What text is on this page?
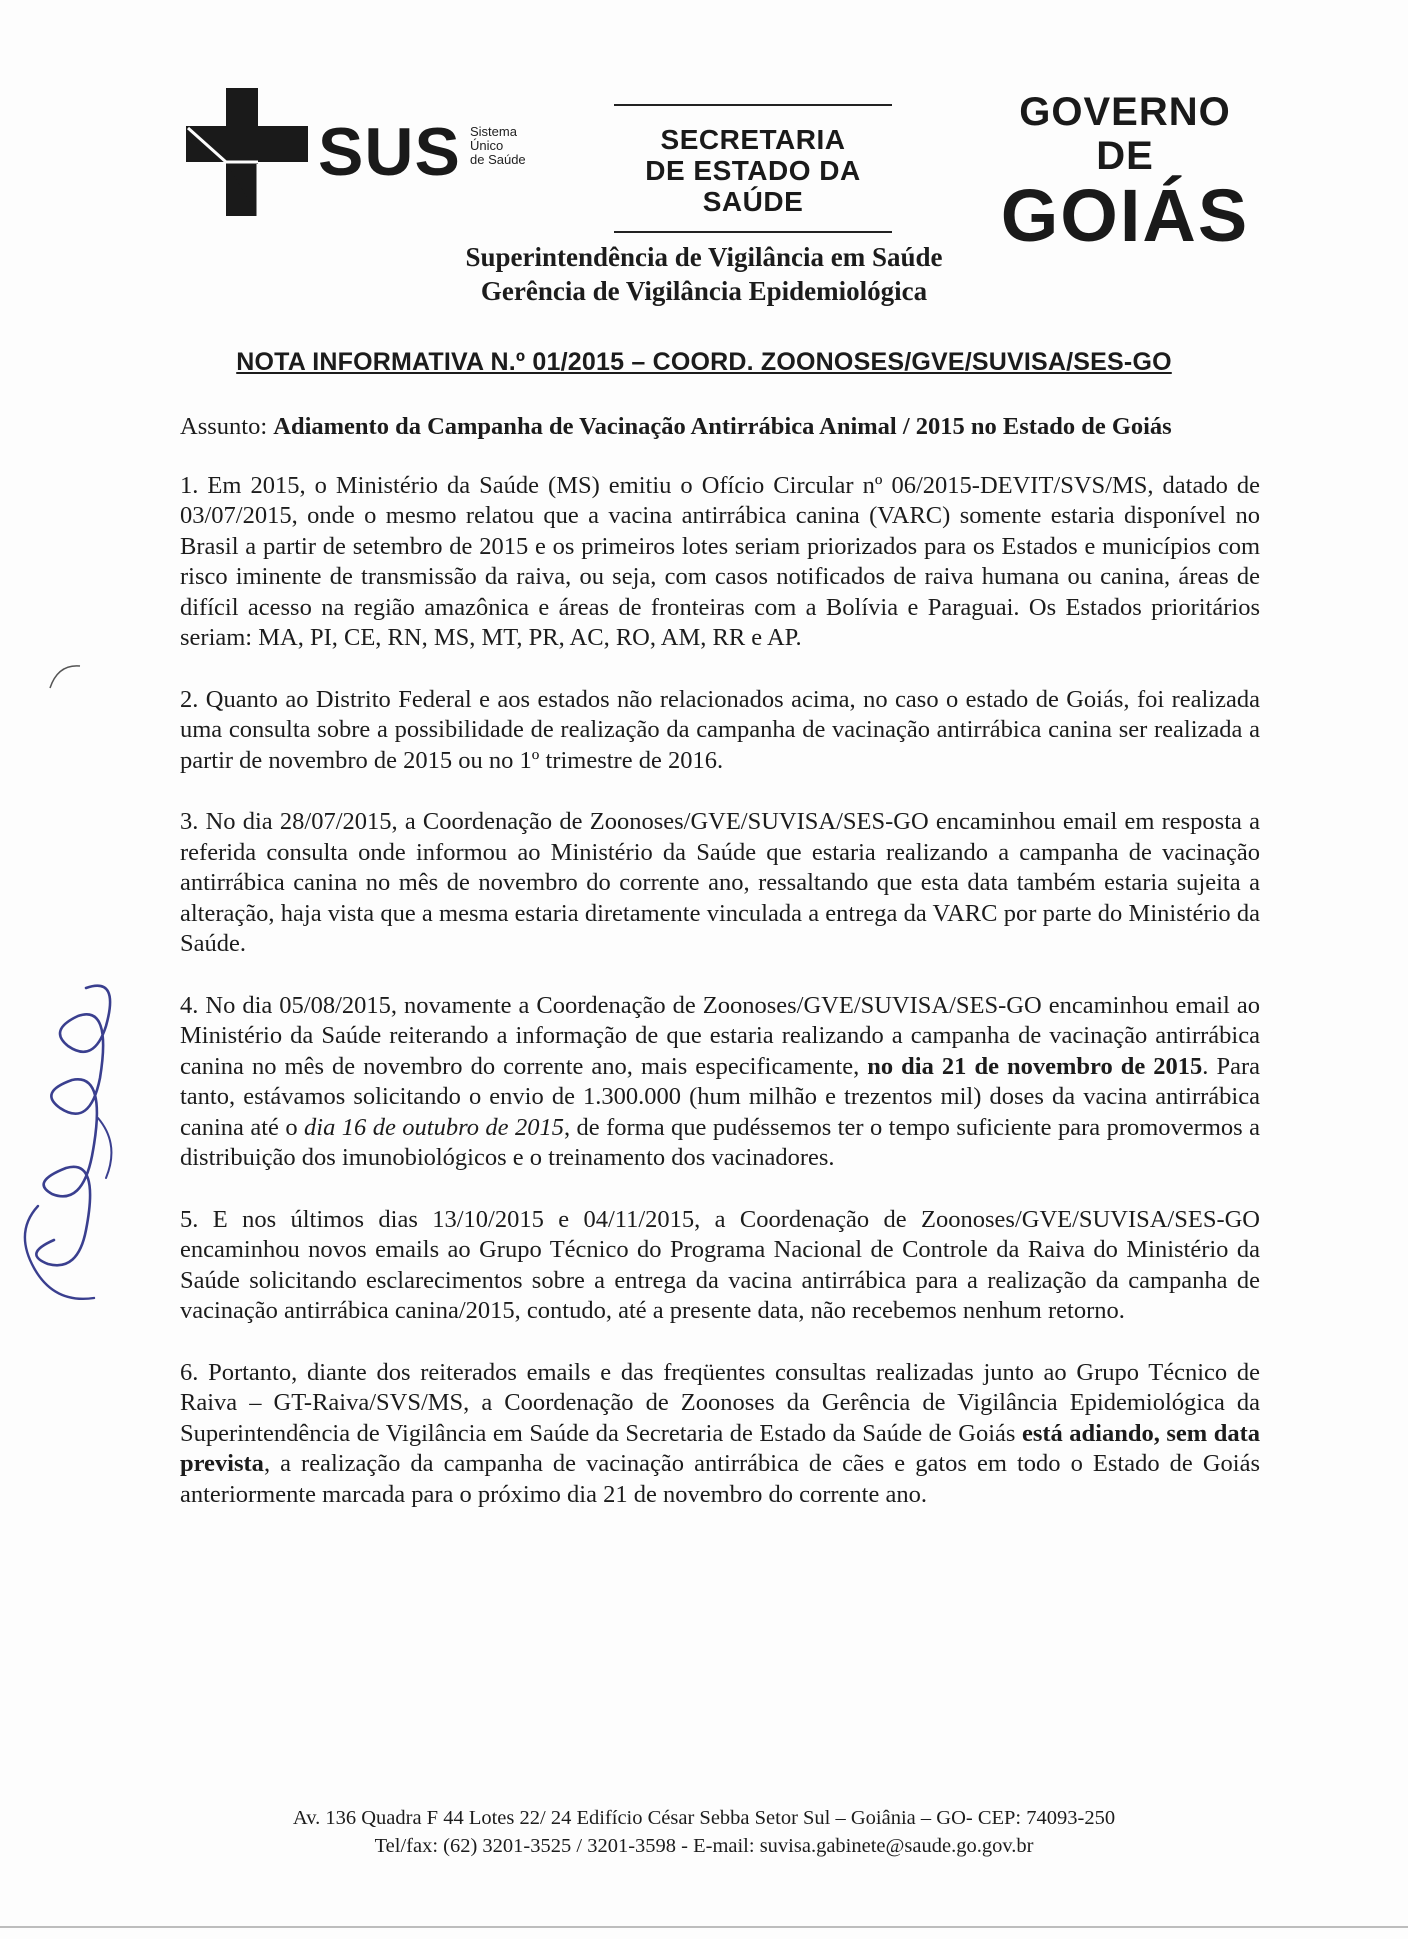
SUS Sistema
Único
de Saúde
SECRETARIA
DE ESTADO DA SAÚDE
GOVERNO DE
GOIÁS
Superintendência de Vigilância em Saúde
Gerência de Vigilância Epidemiológica
NOTA INFORMATIVA N.º 01/2015 – COORD. ZOONOSES/GVE/SUVISA/SES-GO

Assunto: Adiamento da Campanha de Vacinação Antirrábica Animal / 2015 no Estado de Goiás

1. Em 2015, o Ministério da Saúde (MS) emitiu o Ofício Circular nº 06/2015-DEVIT/SVS/MS, datado de 03/07/2015, onde o mesmo relatou que a vacina antirrábica canina (VARC) somente estaria disponível no Brasil a partir de setembro de 2015 e os primeiros lotes seriam priorizados para os Estados e municípios com risco iminente de transmissão da raiva, ou seja, com casos notificados de raiva humana ou canina, áreas de difícil acesso na região amazônica e áreas de fronteiras com a Bolívia e Paraguai. Os Estados prioritários seriam: MA, PI, CE, RN, MS, MT, PR, AC, RO, AM, RR e AP.

2. Quanto ao Distrito Federal e aos estados não relacionados acima, no caso o estado de Goiás, foi realizada uma consulta sobre a possibilidade de realização da campanha de vacinação antirrábica canina ser realizada a partir de novembro de 2015 ou no 1º trimestre de 2016.

3. No dia 28/07/2015, a Coordenação de Zoonoses/GVE/SUVISA/SES-GO encaminhou email em resposta a referida consulta onde informou ao Ministério da Saúde que estaria realizando a campanha de vacinação antirrábica canina no mês de novembro do corrente ano, ressaltando que esta data também estaria sujeita a alteração, haja vista que a mesma estaria diretamente vinculada a entrega da VARC por parte do Ministério da Saúde.

4. No dia 05/08/2015, novamente a Coordenação de Zoonoses/GVE/SUVISA/SES-GO encaminhou email ao Ministério da Saúde reiterando a informação de que estaria realizando a campanha de vacinação antirrábica canina no mês de novembro do corrente ano, mais especificamente, no dia 21 de novembro de 2015. Para tanto, estávamos solicitando o envio de 1.300.000 (hum milhão e trezentos mil) doses da vacina antirrábica canina até o dia 16 de outubro de 2015, de forma que pudéssemos ter o tempo suficiente para promovermos a distribuição dos imunobiológicos e o treinamento dos vacinadores.

5. E nos últimos dias 13/10/2015 e 04/11/2015, a Coordenação de Zoonoses/GVE/SUVISA/SES-GO encaminhou novos emails ao Grupo Técnico do Programa Nacional de Controle da Raiva do Ministério da Saúde solicitando esclarecimentos sobre a entrega da vacina antirrábica para a realização da campanha de vacinação antirrábica canina/2015, contudo, até a presente data, não recebemos nenhum retorno.

6. Portanto, diante dos reiterados emails e das freqüentes consultas realizadas junto ao Grupo Técnico de Raiva – GT-Raiva/SVS/MS, a Coordenação de Zoonoses da Gerência de Vigilância Epidemiológica da Superintendência de Vigilância em Saúde da Secretaria de Estado da Saúde de Goiás está adiando, sem data prevista, a realização da campanha de vacinação antirrábica de cães e gatos em todo o Estado de Goiás anteriormente marcada para o próximo dia 21 de novembro do corrente ano.

Av. 136 Quadra F 44 Lotes 22/ 24 Edifício César Sebba Setor Sul – Goiânia – GO- CEP: 74093-250
Tel/fax: (62) 3201-3525 / 3201-3598 - E-mail: suvisa.gabinete@saude.go.gov.br
